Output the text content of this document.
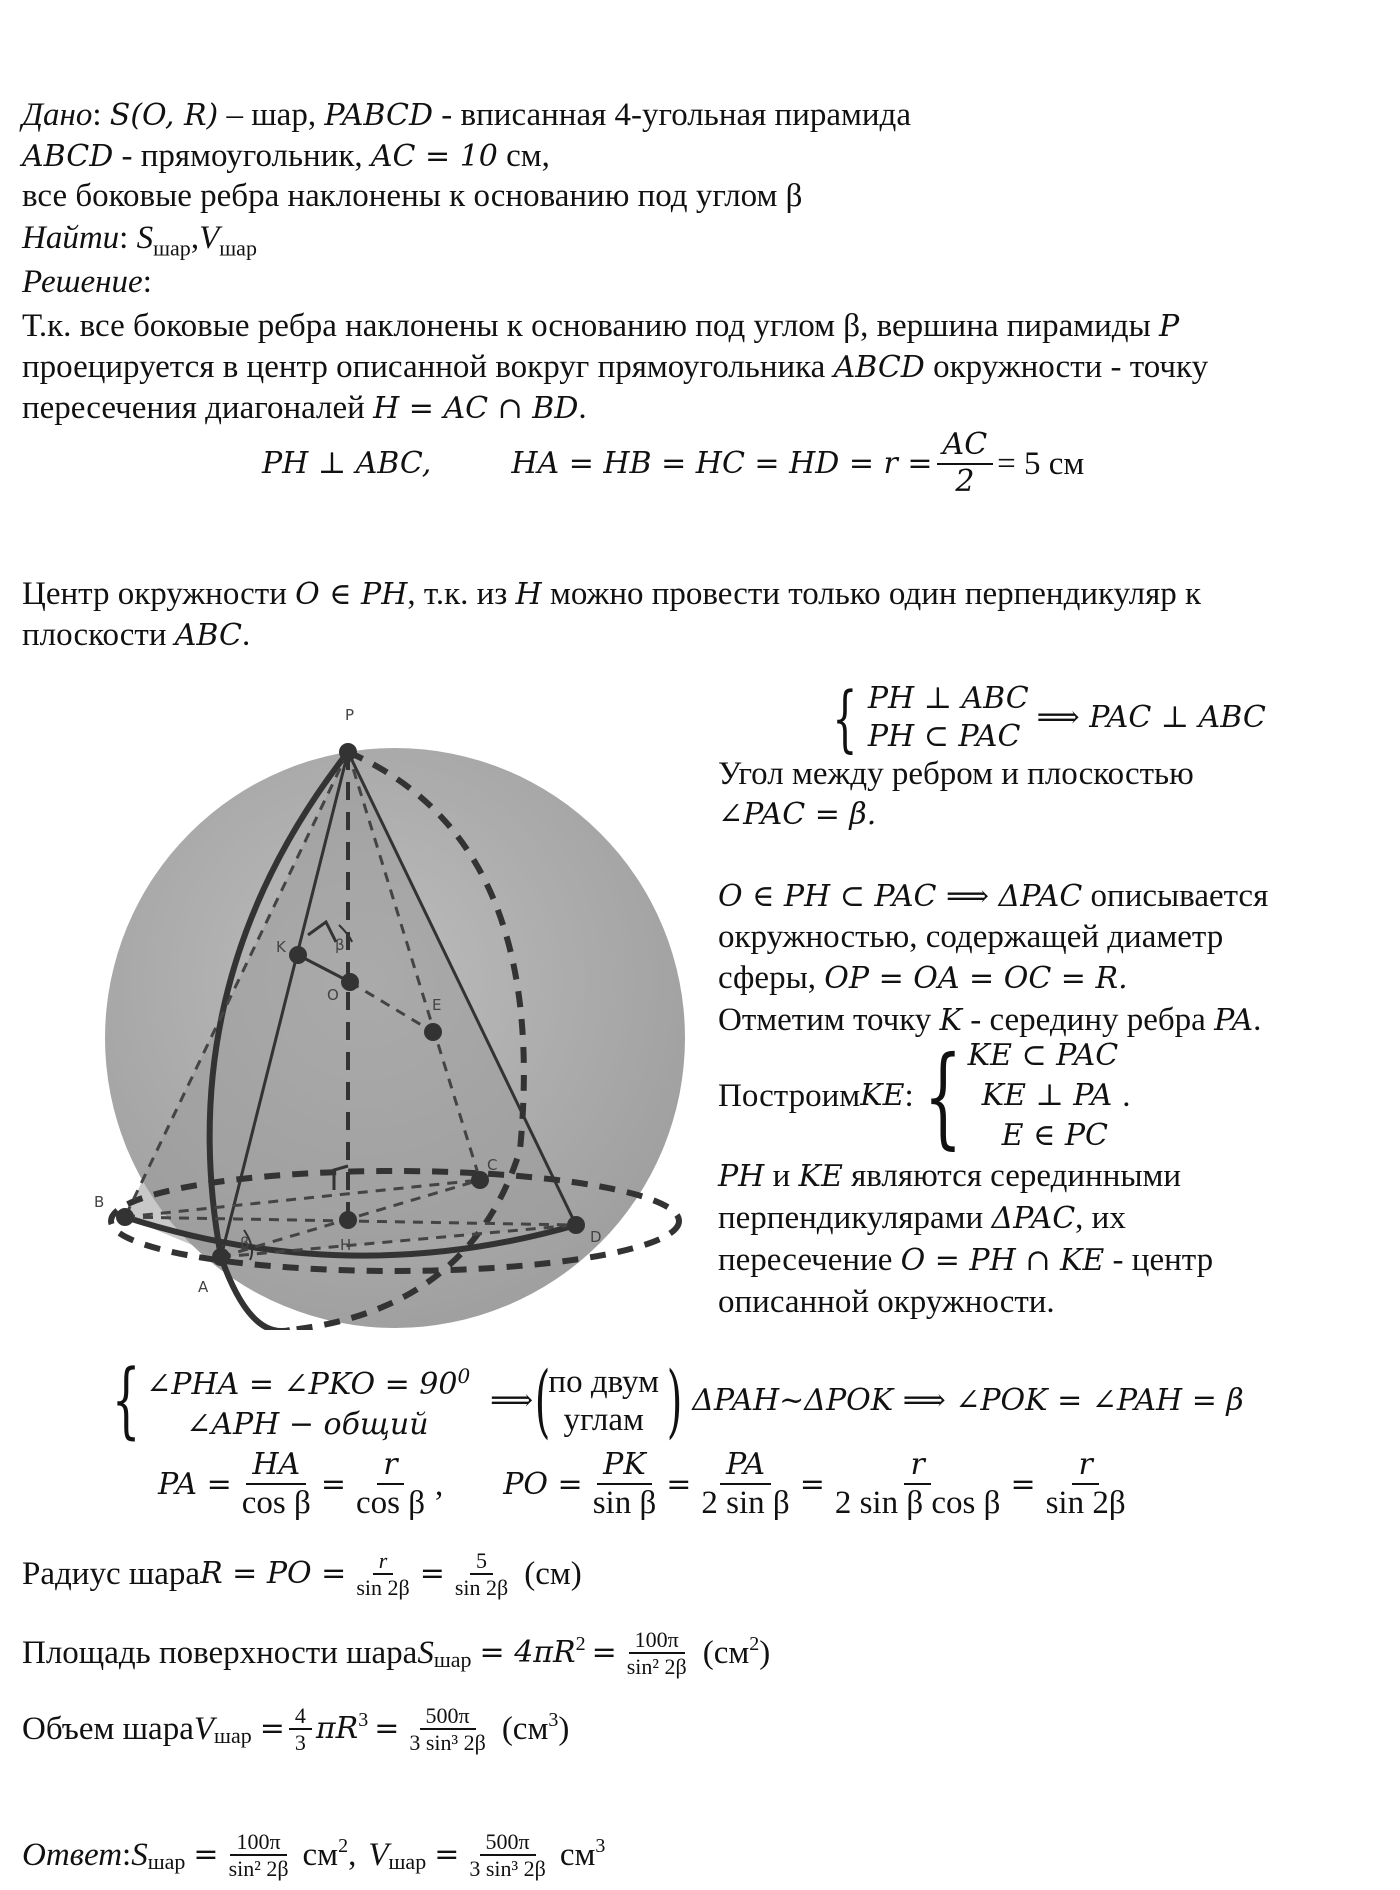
Дано: S(O, R) – шар, PABCD - вписанная 4-угольная пирамида
ABCD - прямоугольник, AC = 10 см,
все боковые ребра наклонены к основанию под углом β
Найти: $S_{шар},V_{шар}$
Решение:
Т.к. все боковые ребра наклонены к основанию под углом β, вершина пирамиды P
проецируется в центр описанной вокруг прямоугольника ABCD окружности - точку
пересечения диагоналей H = AC ∩ BD.
PH ⊥ ABC,	HA = HB = HC = HD = $r = \frac{AC}{2} = 5$ см
Центр окружности O ∈ PH, т.к. из H можно провести только один перпендикуляр к
плоскости ABC.
P
K
O
E
B
C
H	D
A
β
β
{ PH ⊥ ABC
PH ⊂ PAC
⟹ PAC ⊥ ABC
Угол между ребром и плоскостью
∠PAC = β.
O ∈ PH ⊂ PAC ⟹ ΔPAC описывается
окружностью, содержащей диаметр
сферы, OP = OA = OC = R.
Отметим точку K - середину ребра PA.
Построим KE : { KE ⊂ PAC
KE ⊥ PA
E ∈ PC
.
PH и KE являются серединными
перпендикулярами ΔPAC, их
пересечение O = PH ∩ KE - центр
описанной окружности.
{ ∠PHA = ∠PKO = $90^0$
∠APH − общий
⟹ (
по двум
углам ) ΔPAH~ΔPOK ⟹ ∠POK = ∠PAH = β
PA = $\frac{HA}{\text{cos β}} = \frac{r}{\text{cos β}}$ , PO = $\frac{PK}{\text{sin β}} = \frac{PA}{\text{2 sin β}} = \frac{r}{\text{2 sin β cos β}} = \frac{r}{\sin 2\beta}$
Радиус шара R = PO = $\frac{r}{\sin 2\beta} = \frac{5}{\sin 2\beta} (см)$
Площадь поверхности шара $S_{шар} = 4\pi R^2 = \frac{100\pi}{\text{sin² 2β}} (см^2$ )
Объем шара $V_{шар} = \frac{4}{3} \pi R^3 = \frac{500\pi}{\text{3 sin³ 2β}} (см^3$ )
Ответ : $S_{шар} = \frac{100\pi}{\text{sin² 2β}} см^2$ , $V_{шар} = \frac{500\pi}{\text{3 sin³ 2β}} см^3$
